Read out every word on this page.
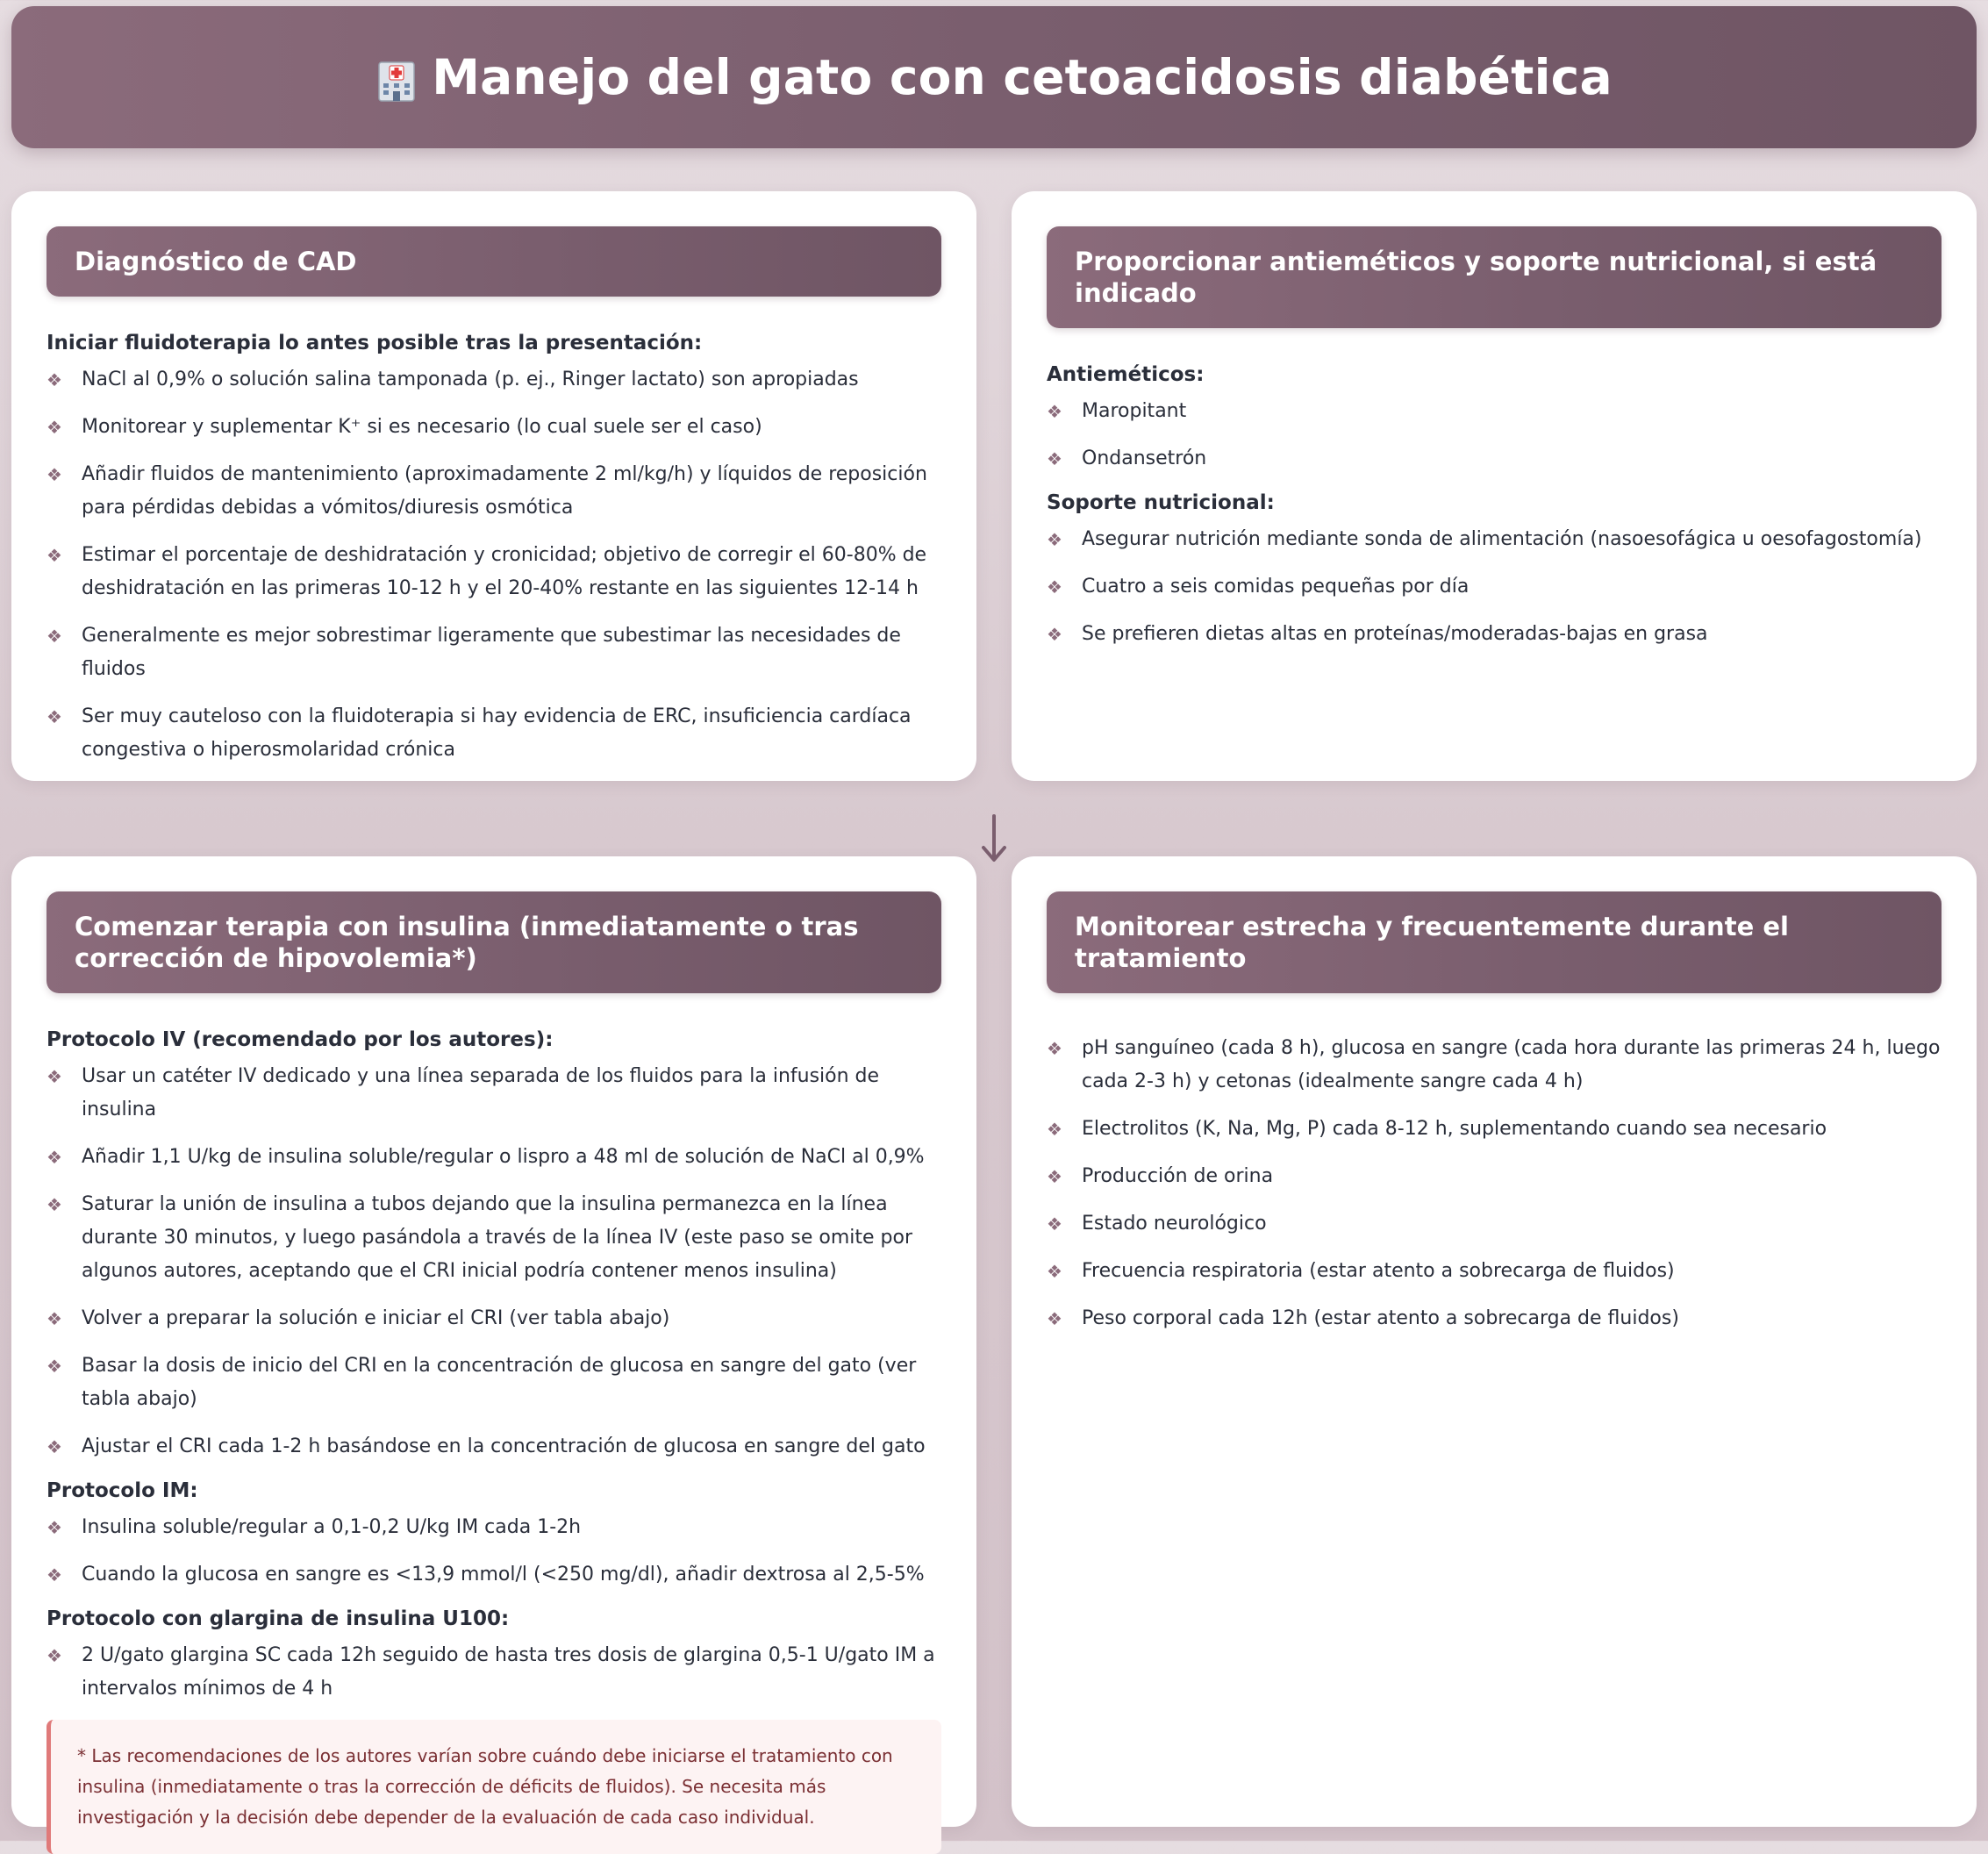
Manejo del gato con cetoacidosis diabética
Diagnóstico de CAD
Iniciar fluidoterapia lo antes posible tras la presentación:
❖ NaCl al 0,9% o solución salina tamponada (p. ej., Ringer lactato) son apropiadas
❖ Monitorear y suplementar K⁺ si es necesario (lo cual suele ser el caso)
❖ Añadir fluidos de mantenimiento (aproximadamente 2 ml/kg/h) y líquidos de reposición para pérdidas debidas a vómitos/diuresis osmótica
❖ Estimar el porcentaje de deshidratación y cronicidad; objetivo de corregir el 60-80% de deshidratación en las primeras 10-12 h y el 20-40% restante en las siguientes 12-14 h
❖ Generalmente es mejor sobrestimar ligeramente que subestimar las necesidades de fluidos
❖ Ser muy cauteloso con la fluidoterapia si hay evidencia de ERC, insuficiencia cardíaca congestiva o hiperosmolaridad crónica
Proporcionar antieméticos y soporte nutricional, si está indicado
Antieméticos:
❖ Maropitant
❖ Ondansetrón
Soporte nutricional:
❖ Asegurar nutrición mediante sonda de alimentación (nasoesofágica u oesofagostomía)
❖ Cuatro a seis comidas pequeñas por día
❖ Se prefieren dietas altas en proteínas/moderadas-bajas en grasa
Comenzar terapia con insulina (inmediatamente o tras corrección de hipovolemia*)
Protocolo IV (recomendado por los autores):
❖ Usar un catéter IV dedicado y una línea separada de los fluidos para la infusión de insulina
❖ Añadir 1,1 U/kg de insulina soluble/regular o lispro a 48 ml de solución de NaCl al 0,9%
❖ Saturar la unión de insulina a tubos dejando que la insulina permanezca en la línea durante 30 minutos, y luego pasándola a través de la línea IV (este paso se omite por algunos autores, aceptando que el CRI inicial podría contener menos insulina)
❖ Volver a preparar la solución e iniciar el CRI (ver tabla abajo)
❖ Basar la dosis de inicio del CRI en la concentración de glucosa en sangre del gato (ver tabla abajo)
❖ Ajustar el CRI cada 1-2 h basándose en la concentración de glucosa en sangre del gato
Protocolo IM:
❖ Insulina soluble/regular a 0,1-0,2 U/kg IM cada 1-2h
❖ Cuando la glucosa en sangre es <13,9 mmol/l (<250 mg/dl), añadir dextrosa al 2,5-5%
Protocolo con glargina de insulina U100:
❖ 2 U/gato glargina SC cada 12h seguido de hasta tres dosis de glargina 0,5-1 U/gato IM a intervalos mínimos de 4 h
* Las recomendaciones de los autores varían sobre cuándo debe iniciarse el tratamiento con insulina (inmediatamente o tras la corrección de déficits de fluidos). Se necesita más investigación y la decisión debe depender de la evaluación de cada caso individual.
Monitorear estrecha y frecuentemente durante el tratamiento
❖ pH sanguíneo (cada 8 h), glucosa en sangre (cada hora durante las primeras 24 h, luego cada 2-3 h) y cetonas (idealmente sangre cada 4 h)
❖ Electrolitos (K, Na, Mg, P) cada 8-12 h, suplementando cuando sea necesario
❖ Producción de orina
❖ Estado neurológico
❖ Frecuencia respiratoria (estar atento a sobrecarga de fluidos)
❖ Peso corporal cada 12h (estar atento a sobrecarga de fluidos)
